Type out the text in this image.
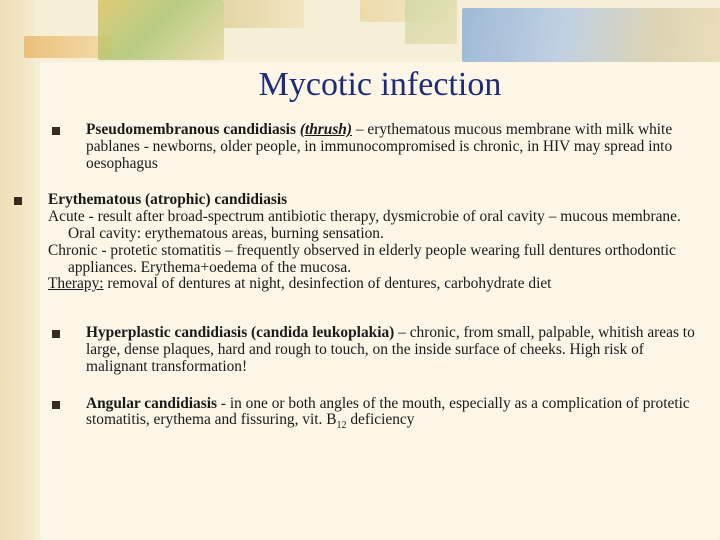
Mycotic infection
Pseudomembranous candidiasis (thrush) – erythematous mucous membrane with milk white pablanes - newborns, older people, in immunocompromised is chronic, in HIV may spread into oesophagus
Erythematous (atrophic) candidiasis
Acute - result after broad-spectrum antibiotic therapy, dysmicrobie of oral cavity – mucous membrane. Oral cavity: erythematous areas, burning sensation.
Chronic - protetic stomatitis – frequently observed in elderly people wearing full dentures orthodontic appliances. Erythema+oedema of the mucosa.
Therapy: removal of dentures at night, desinfection of dentures, carbohydrate diet
Hyperplastic candidiasis (candida leukoplakia) – chronic, from small, palpable, whitish areas to large, dense plaques, hard and rough to touch, on the inside surface of cheeks. High risk of malignant transformation!
Angular candidiasis - in one or both angles of the mouth, especially as a complication of protetic stomatitis, erythema and fissuring, vit. $B_{12}$ deficiency
